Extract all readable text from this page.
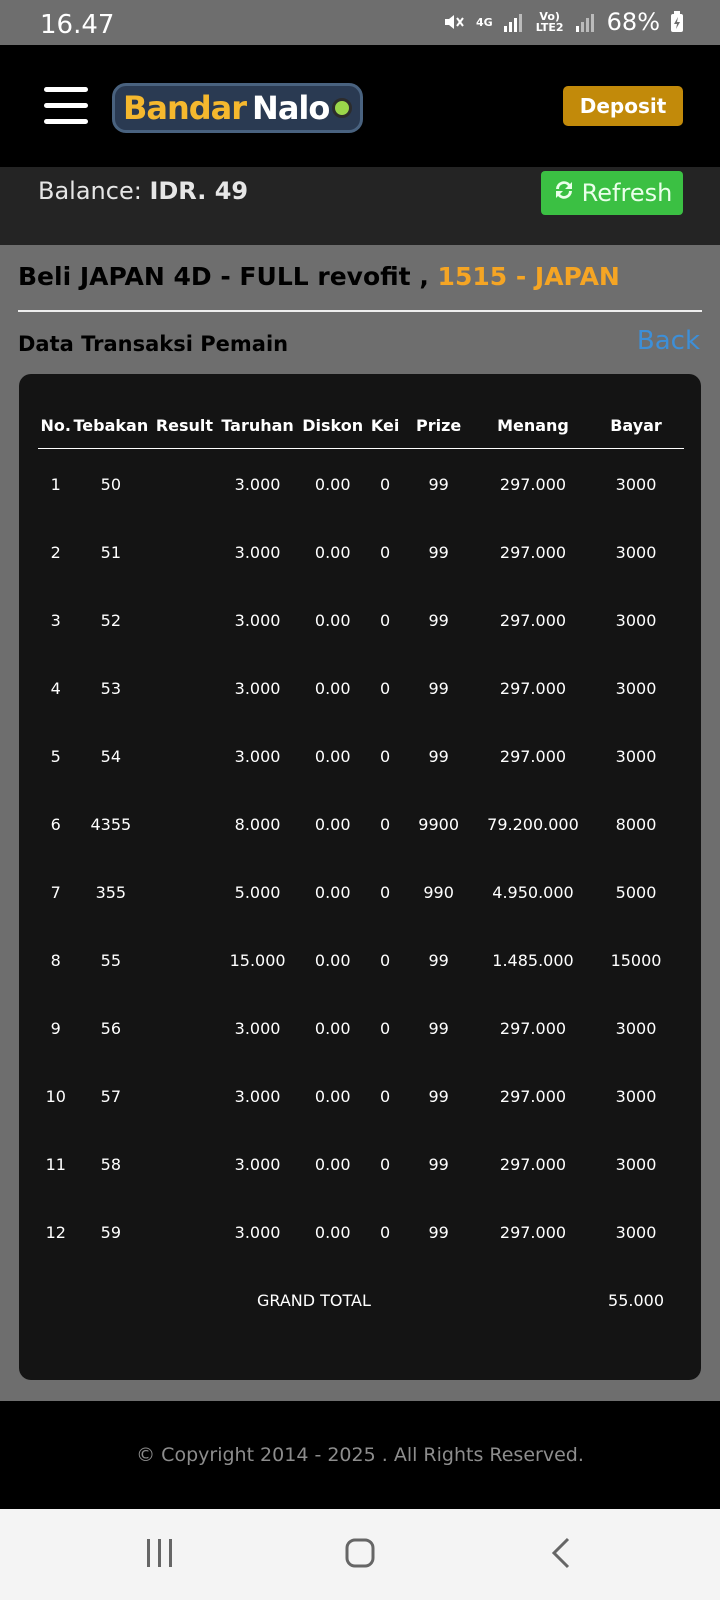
16.47	4G	Vo) LTE2 68%
Bandar Nalo	Deposit
Balance: IDR. 49	Refresh
Beli JAPAN 4D - FULL revofit , 1515 - JAPAN
Data Transaksi Pemain	Back
No.	Tebakan	Result	Taruhan	Diskon	Kei	Prize	Menang	Bayar
1	50		3.000	0.00	0	99	297.000	3000
2	51		3.000	0.00	0	99	297.000	3000
3	52		3.000	0.00	0	99	297.000	3000
4	53		3.000	0.00	0	99	297.000	3000
5	54		3.000	0.00	0	99	297.000	3000
6	4355		8.000	0.00	0	9900	79.200.000	8000
7	355		5.000	0.00	0	990	4.950.000	5000
8	55		15.000	0.00	0	99	1.485.000	15000
9	56		3.000	0.00	0	99	297.000	3000
10	57		3.000	0.00	0	99	297.000	3000
11	58		3.000	0.00	0	99	297.000	3000
12	59		3.000	0.00	0	99	297.000	3000
GRAND TOTAL								55.000
© Copyright 2014 - 2025 . All Rights Reserved.
